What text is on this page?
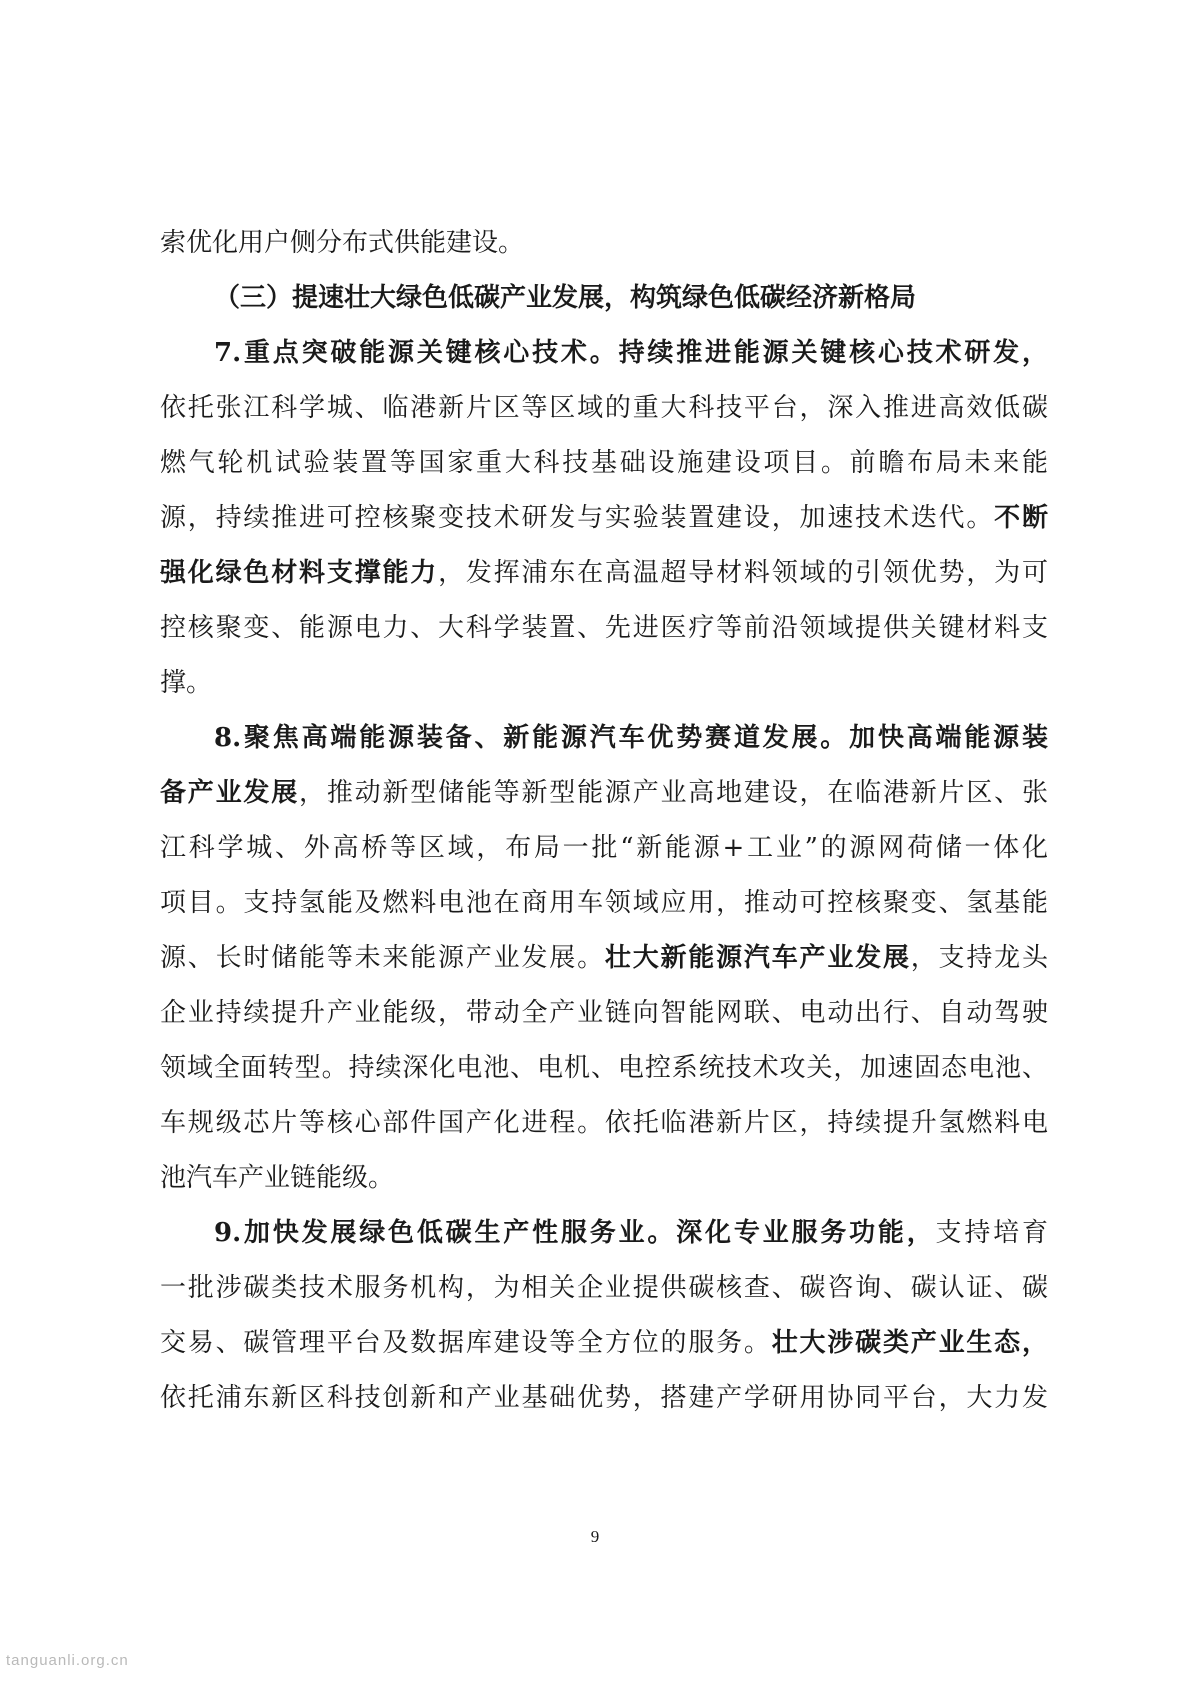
索优化用户侧分布式供能建设。
（三）提速壮大绿色低碳产业发展，构筑绿色低碳经济新格局
7.重点突破能源关键核心技术。持续推进能源关键核心技术研发，
依托张江科学城、临港新片区等区域的重大科技平台，深入推进高效低碳
燃气轮机试验装置等国家重大科技基础设施建设项目。前瞻布局未来能
源，持续推进可控核聚变技术研发与实验装置建设，加速技术迭代。不断
强化绿色材料支撑能力，发挥浦东在高温超导材料领域的引领优势，为可
控核聚变、能源电力、大科学装置、先进医疗等前沿领域提供关键材料支
撑。
8.聚焦高端能源装备、新能源汽车优势赛道发展。加快高端能源装
备产业发展，推动新型储能等新型能源产业高地建设，在临港新片区、张
江科学城、外高桥等区域，布局一批“新能源+工业”的源网荷储一体化
项目。支持氢能及燃料电池在商用车领域应用，推动可控核聚变、氢基能
源、长时储能等未来能源产业发展。壮大新能源汽车产业发展，支持龙头
企业持续提升产业能级，带动全产业链向智能网联、电动出行、自动驾驶
领域全面转型。持续深化电池、电机、电控系统技术攻关，加速固态电池、
车规级芯片等核心部件国产化进程。依托临港新片区，持续提升氢燃料电
池汽车产业链能级。
9.加快发展绿色低碳生产性服务业。深化专业服务功能，支持培育
一批涉碳类技术服务机构，为相关企业提供碳核查、碳咨询、碳认证、碳
交易、碳管理平台及数据库建设等全方位的服务。壮大涉碳类产业生态，
依托浦东新区科技创新和产业基础优势，搭建产学研用协同平台，大力发
9
tanguanli.org.cn
